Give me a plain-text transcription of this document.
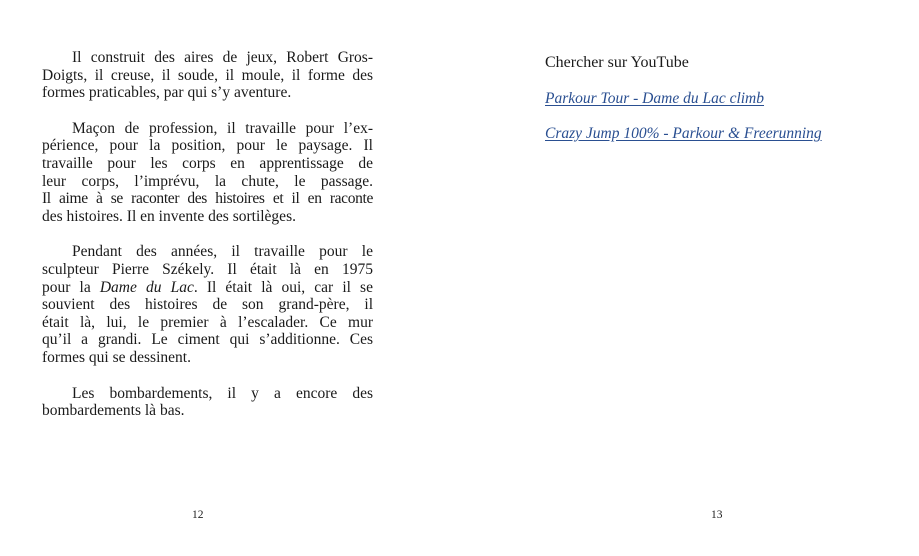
Il construit des aires de jeux, Robert Gros-
Doigts, il creuse, il soude, il moule, il forme des
formes praticables, par qui s’y aventure.

Maçon de profession, il travaille pour l’ex-
périence, pour la position, pour le paysage. Il
travaille pour les corps en apprentissage de
leur corps, l’imprévu, la chute, le passage.
Il aime à se raconter des histoires et il en raconte
des histoires. Il en invente des sortilèges.

Pendant des années, il travaille pour le
sculpteur Pierre Székely. Il était là en 1975
pour la Dame du Lac. Il était là oui, car il se
souvient des histoires de son grand-père, il
était là, lui, le premier à l’escalader. Ce mur
qu’il a grandi. Le ciment qui s’additionne. Ces
formes qui se dessinent.

Les bombardements, il y a encore des
bombardements là bas.

12
Chercher sur YouTube
Parkour Tour - Dame du Lac climb
Crazy Jump 100% - Parkour & Freerunning
13
